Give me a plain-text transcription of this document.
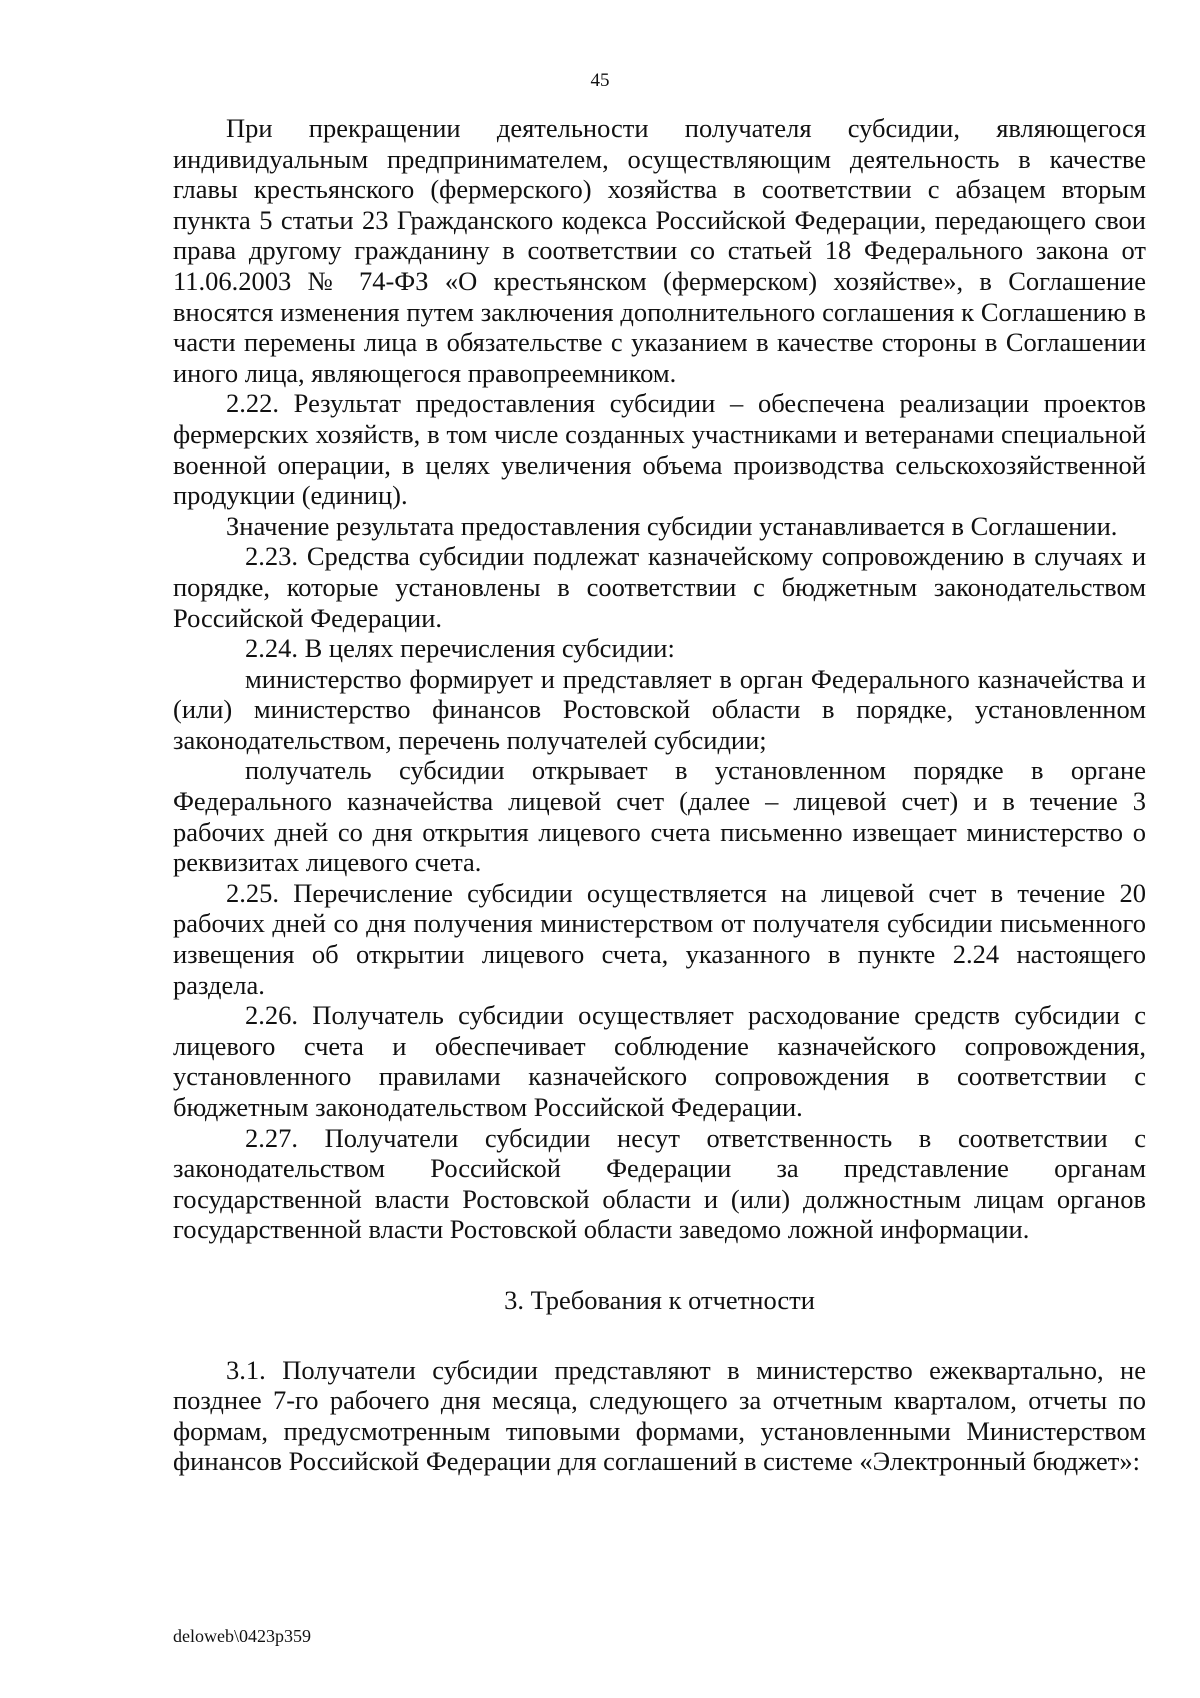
45

При прекращении деятельности получателя субсидии, являющегося индивидуальным предпринимателем, осуществляющим деятельность в качестве главы крестьянского (фермерского) хозяйства в соответствии с абзацем вторым пункта 5 статьи 23 Гражданского кодекса Российской Федерации, передающего свои права другому гражданину в соответствии со статьей 18 Федерального закона от 11.06.2003 № 74-ФЗ «О крестьянском (фермерском) хозяйстве», в Соглашение вносятся изменения путем заключения дополнительного соглашения к Соглашению в части перемены лица в обязательстве с указанием в качестве стороны в Соглашении иного лица, являющегося правопреемником.

2.22. Результат предоставления субсидии – обеспечена реализации проектов фермерских хозяйств, в том числе созданных участниками и ветеранами специальной военной операции, в целях увеличения объема производства сельскохозяйственной продукции (единиц).

Значение результата предоставления субсидии устанавливается в Соглашении.

2.23. Средства субсидии подлежат казначейскому сопровождению в случаях и порядке, которые установлены в соответствии с бюджетным законодательством Российской Федерации.

2.24. В целях перечисления субсидии:

министерство формирует и представляет в орган Федерального казначейства и (или) министерство финансов Ростовской области в порядке, установленном законодательством, перечень получателей субсидии;

получатель субсидии открывает в установленном порядке в органе Федерального казначейства лицевой счет (далее – лицевой счет) и в течение 3 рабочих дней со дня открытия лицевого счета письменно извещает министерство о реквизитах лицевого счета.

2.25. Перечисление субсидии осуществляется на лицевой счет в течение 20 рабочих дней со дня получения министерством от получателя субсидии письменного извещения об открытии лицевого счета, указанного в пункте 2.24 настоящего раздела.

2.26. Получатель субсидии осуществляет расходование средств субсидии с лицевого счета и обеспечивает соблюдение казначейского сопровождения, установленного правилами казначейского сопровождения в соответствии с бюджетным законодательством Российской Федерации.

2.27. Получатели субсидии несут ответственность в соответствии с законодательством Российской Федерации за представление органам государственной власти Ростовской области и (или) должностным лицам органов государственной власти Ростовской области заведомо ложной информации.

3. Требования к отчетности

3.1. Получатели субсидии представляют в министерство ежеквартально, не позднее 7-го рабочего дня месяца, следующего за отчетным кварталом, отчеты по формам, предусмотренным типовыми формами, установленными Министерством финансов Российской Федерации для соглашений в системе «Электронный бюджет»:

deloweb\0423p359
